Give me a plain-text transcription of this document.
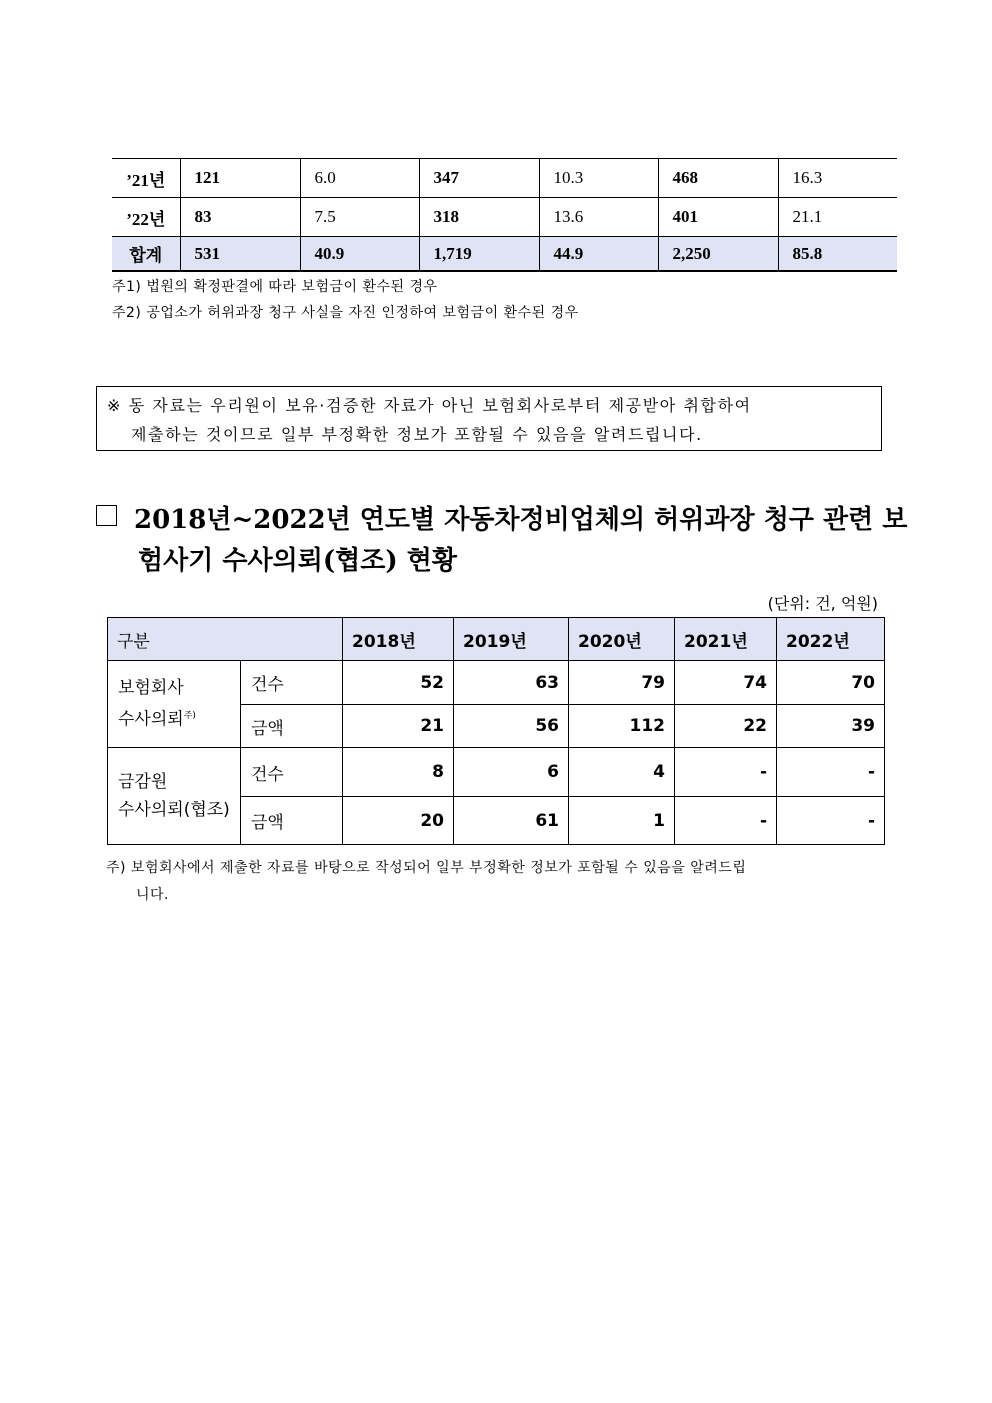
’21년	121	6.0	347	10.3	468	16.3
’22년	83	7.5	318	13.6	401	21.1
합계	531	40.9	1,719	44.9	2,250	85.8
주1) 법원의 확정판결에 따라 보험금이 환수된 경우
주2) 공업소가 허위과장 청구 사실을 자진 인정하여 보험금이 환수된 경우
※ 동 자료는 우리원이 보유·검증한 자료가 아닌 보험회사로부터 제공받아 취합하여
제출하는 것이므로 일부 부정확한 정보가 포함될 수 있음을 알려드립니다.
2018년~2022년 연도별 자동차정비업체의 허위과장 청구 관련 보
험사기 수사의뢰(협조) 현황
(단위: 건, 억원)
구분		2018년	2019년	2020년	2021년	2022년
보험회사
수사의뢰$^{주)}$	건수	52	63	79	74	70
	금액	21	56	112	22	39
금감원
수사의뢰(협조)	건수	8	6	4	-	-
	금액	20	61	1	-	-
주) 보험회사에서 제출한 자료를 바탕으로 작성되어 일부 부정확한 정보가 포함될 수 있음을 알려드립
니다.
